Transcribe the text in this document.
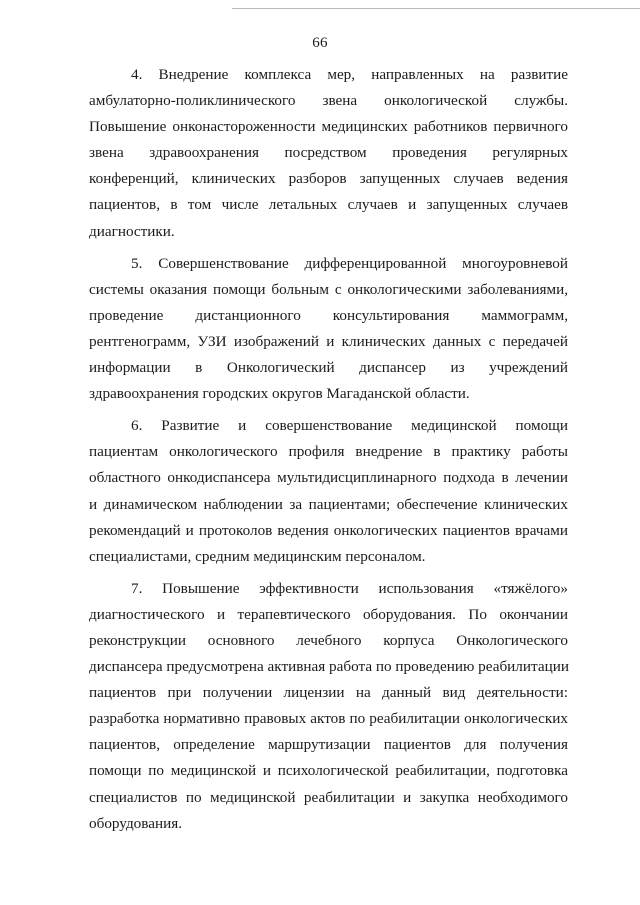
66
4. Внедрение комплекса мер, направленных на развитие
амбулаторно-поликлинического звена онкологической службы.
Повышение онконастороженности медицинских работников первичного
звена здравоохранения посредством проведения регулярных
конференций, клинических разборов запущенных случаев ведения
пациентов, в том числе летальных случаев и запущенных случаев
диагностики.
5. Совершенствование дифференцированной многоуровневой
системы оказания помощи больным с онкологическими заболеваниями,
проведение дистанционного консультирования маммограмм,
рентгенограмм, УЗИ изображений и клинических данных с передачей
информации в Онкологический диспансер из учреждений
здравоохранения городских округов Магаданской области.
6. Развитие и совершенствование медицинской помощи
пациентам онкологического профиля внедрение в практику работы
областного онкодиспансера мультидисциплинарного подхода в лечении
и динамическом наблюдении за пациентами; обеспечение клинических
рекомендаций и протоколов ведения онкологических пациентов врачами
специалистами, средним медицинским персоналом.
7. Повышение эффективности использования «тяжёлого»
диагностического и терапевтического оборудования. По окончании
реконструкции основного лечебного корпуса Онкологического
диспансера предусмотрена активная работа по проведению реабилитации
пациентов при получении лицензии на данный вид деятельности:
разработка нормативно правовых актов по реабилитации онкологических
пациентов, определение маршрутизации пациентов для получения
помощи по медицинской и психологической реабилитации, подготовка
специалистов по медицинской реабилитации и закупка необходимого
оборудования.
